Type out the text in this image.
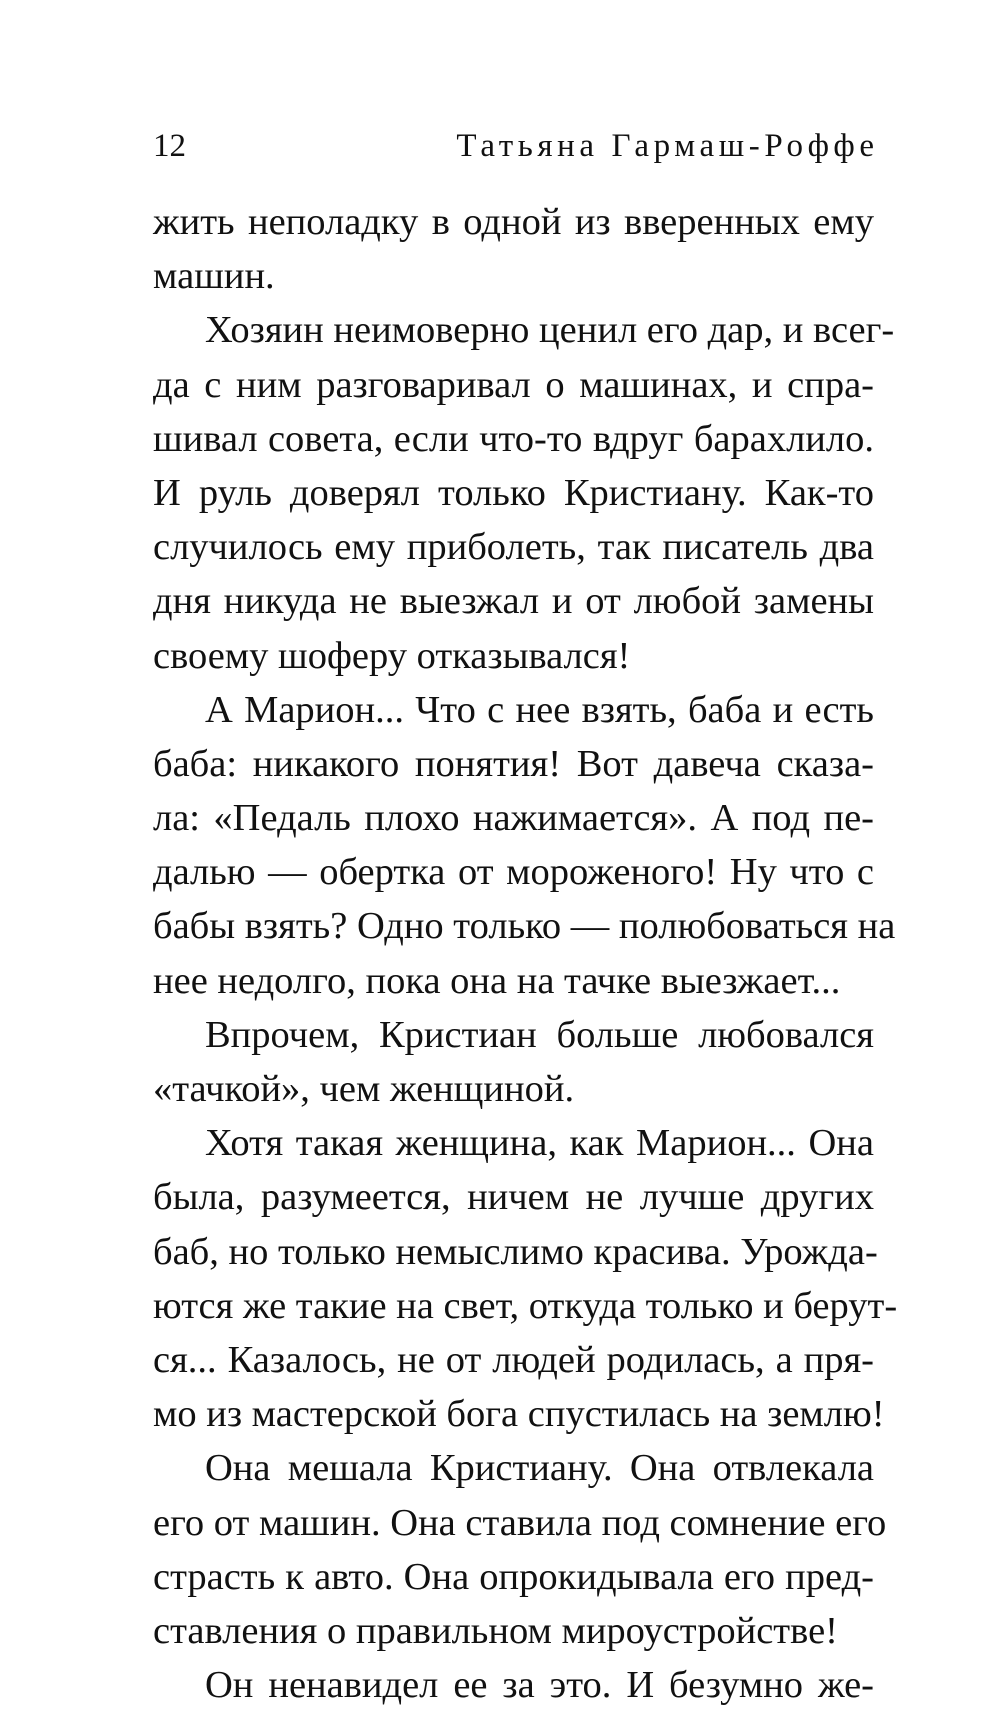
12	Татьяна Гармаш-Роффе
жить неполадку в одной из вверенных ему
машин.
Хозяин неимоверно ценил его дар, и всег-
да с ним разговаривал о машинах, и спра-
шивал совета, если что-то вдруг барахлило.
И руль доверял только Кристиану. Как-то
случилось ему приболеть, так писатель два
дня никуда не выезжал и от любой замены
своему шоферу отказывался!
А Марион... Что с нее взять, баба и есть
баба: никакого понятия! Вот давеча сказа-
ла: «Педаль плохо нажимается». А под пе-
далью — обертка от мороженого! Ну что с
бабы взять? Одно только — полюбоваться на
нее недолго, пока она на тачке выезжает...
Впрочем, Кристиан больше любовался
«тачкой», чем женщиной.
Хотя такая женщина, как Марион... Она
была, разумеется, ничем не лучше других
баб, но только немыслимо красива. Урожда-
ются же такие на свет, откуда только и берут-
ся... Казалось, не от людей родилась, а пря-
мо из мастерской бога спустилась на землю!
Она мешала Кристиану. Она отвлекала
его от машин. Она ставила под сомнение его
страсть к авто. Она опрокидывала его пред-
ставления о правильном мироустройстве!
Он ненавидел ее за это. И безумно же-
